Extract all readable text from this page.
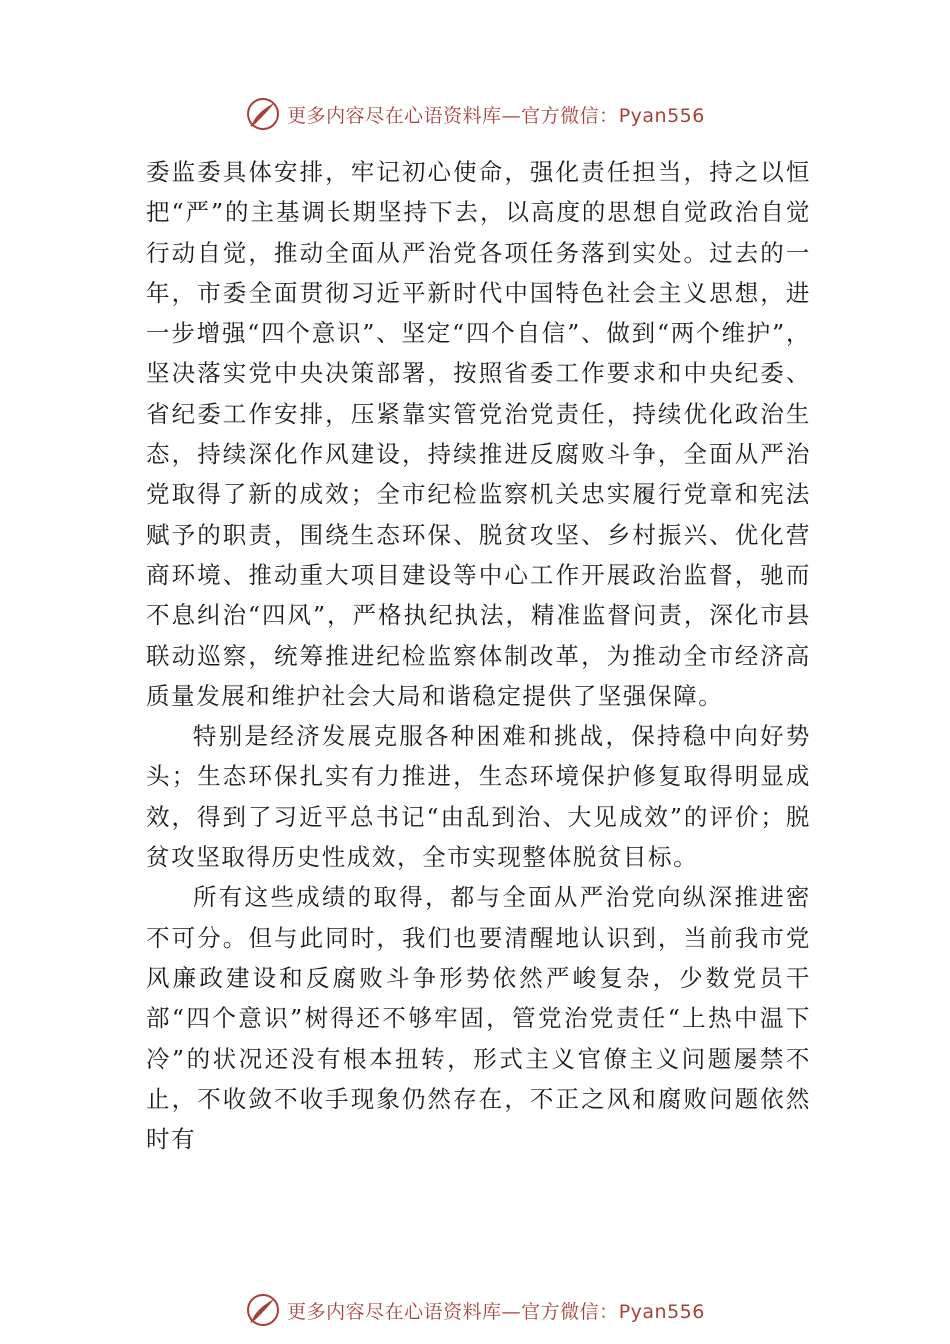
更多内容尽在心语资料库—官方微信：Pyan556

委监委具体安排，牢记初心使命，强化责任担当，持之以恒把“严”的主基调长期坚持下去，以高度的思想自觉政治自觉行动自觉，推动全面从严治党各项任务落到实处。过去的一年，市委全面贯彻习近平新时代中国特色社会主义思想，进一步增强“四个意识”、坚定“四个自信”、做到“两个维护”，坚决落实党中央决策部署，按照省委工作要求和中央纪委、省纪委工作安排，压紧靠实管党治党责任，持续优化政治生态，持续深化作风建设，持续推进反腐败斗争，全面从严治党取得了新的成效；全市纪检监察机关忠实履行党章和宪法赋予的职责，围绕生态环保、脱贫攻坚、乡村振兴、优化营商环境、推动重大项目建设等中心工作开展政治监督，驰而不息纠治“四风”，严格执纪执法，精准监督问责，深化市县联动巡察，统筹推进纪检监察体制改革，为推动全市经济高质量发展和维护社会大局和谐稳定提供了坚强保障。

特别是经济发展克服各种困难和挑战，保持稳中向好势头；生态环保扎实有力推进，生态环境保护修复取得明显成效，得到了习近平总书记“由乱到治、大见成效”的评价；脱贫攻坚取得历史性成效，全市实现整体脱贫目标。

所有这些成绩的取得，都与全面从严治党向纵深推进密不可分。但与此同时，我们也要清醒地认识到，当前我市党风廉政建设和反腐败斗争形势依然严峻复杂，少数党员干部“四个意识”树得还不够牢固，管党治党责任“上热中温下冷”的状况还没有根本扭转，形式主义官僚主义问题屡禁不止，不收敛不收手现象仍然存在，不正之风和腐败问题依然时有

更多内容尽在心语资料库—官方微信：Pyan556
